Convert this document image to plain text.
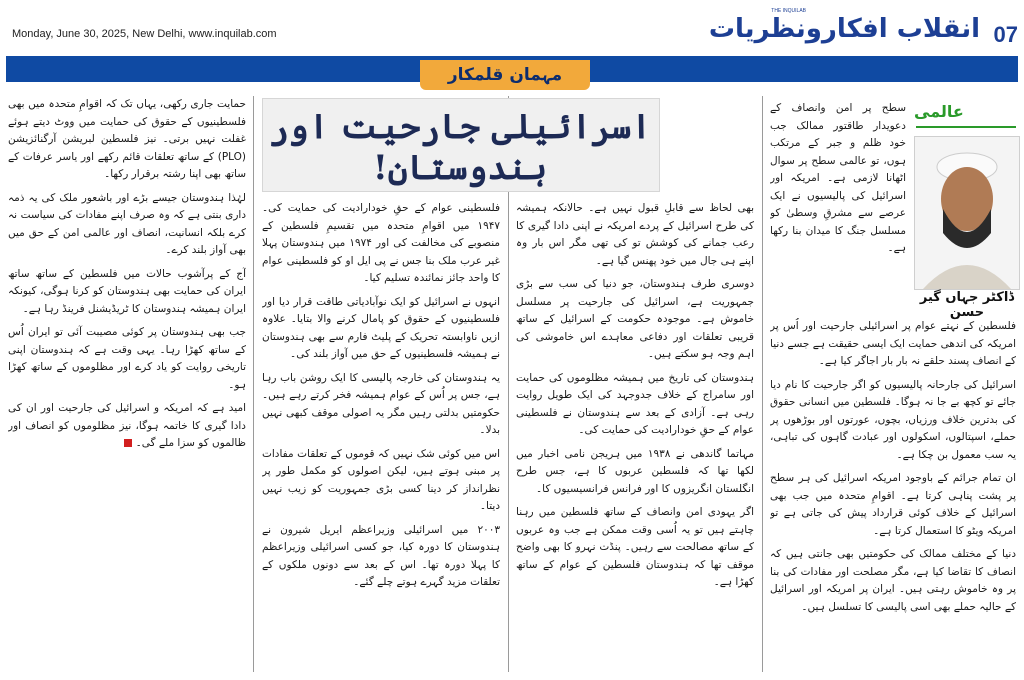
Monday, June 30, 2025, New Delhi, www.inquilab.com
THE INQUILAB
انقلاب افکارونظریات 07
مہمان قلمکار
عالمی
ڈاکٹر جہاں گیر حسن

سطح پر امن وانصاف کے دعویدار طاقتور ممالک جب خود ظلم و جبر کے مرتکب ہوں، تو عالمی سطح پر سوال اٹھانا لازمی ہے۔ امریکہ اور اسرائیل کی پالیسیوں نے ایک عرصے سے مشرقِ وسطیٰ کو مسلسل جنگ کا میدان بنا رکھا ہے۔

فلسطین کے نہتے عوام پر اسرائیلی جارحیت اور اُس پر امریکہ کی اندھی حمایت ایک ایسی حقیقت ہے جسے دنیا کے انصاف پسند حلقے نہ بار بار اجاگر کیا ہے۔

اسرائیل کی جارحانہ پالیسیوں کو اگر جارحیت کا نام دیا جائے تو کچھ بے جا نہ ہوگا۔ فلسطین میں انسانی حقوق کی بدترین خلاف ورزیاں، بچوں، عورتوں اور بوڑھوں پر حملے، اسپتالوں، اسکولوں اور عبادت گاہوں کی تباہی، یہ سب معمول بن چکا ہے۔

ان تمام جرائم کے باوجود امریکہ اسرائیل کی ہر سطح پر پشت پناہی کرتا ہے۔ اقوامِ متحدہ میں جب بھی اسرائیل کے خلاف کوئی قرارداد پیش کی جاتی ہے تو امریکہ ویٹو کا استعمال کرتا ہے۔

دنیا کے مختلف ممالک کی حکومتیں بھی جانتی ہیں کہ انصاف کا تقاضا کیا ہے، مگر مصلحت اور مفادات کی بنا پر وہ خاموش رہتی ہیں۔ ایران پر امریکہ اور اسرائیل کے حالیہ حملے بھی اسی پالیسی کا تسلسل ہیں۔

اسرائیلی جارحیت اور ہندوستان!

بھی لحاظ سے قابلِ قبول نہیں ہے۔ حالانکہ ہمیشہ کی طرح اسرائیل کے پردے امریکہ نے اپنی دادا گیری کا رعب جمانے کی کوشش تو کی تھی مگر اس بار وہ اپنے ہی جال میں خود پھنس گیا ہے۔

دوسری طرف ہندوستان، جو دنیا کی سب سے بڑی جمہوریت ہے، اسرائیل کی جارحیت پر مسلسل خاموش ہے۔ موجودہ حکومت کے اسرائیل کے ساتھ قریبی تعلقات اور دفاعی معاہدے اس خاموشی کی اہم وجہ ہو سکتے ہیں۔

ہندوستان کی تاریخ میں ہمیشہ مظلوموں کی حمایت اور سامراج کے خلاف جدوجہد کی ایک طویل روایت رہی ہے۔ آزادی کے بعد سے ہندوستان نے فلسطینی عوام کے حقِ خودارادیت کی حمایت کی۔

مہاتما گاندھی نے ۱۹۳۸ میں ہریجن نامی اخبار میں لکھا تھا کہ فلسطین عربوں کا ہے، جس طرح انگلستان انگریزوں کا اور فرانس فرانسیسیوں کا۔

اگر یہودی امن وانصاف کے ساتھ فلسطین میں رہنا چاہتے ہیں تو یہ اُسی وقت ممکن ہے جب وہ عربوں کے ساتھ مصالحت سے رہیں۔ پنڈت نہرو کا بھی واضح موقف تھا کہ ہندوستان فلسطین کے عوام کے ساتھ کھڑا ہے۔

فلسطینی عوام کے حقِ خودارادیت کی حمایت کی۔ ۱۹۴۷ میں اقوامِ متحدہ میں تقسیمِ فلسطین کے منصوبے کی مخالفت کی اور ۱۹۷۴ میں ہندوستان پہلا غیر عرب ملک بنا جس نے پی ایل او کو فلسطینی عوام کا واحد جائز نمائندہ تسلیم کیا۔

انہوں نے اسرائیل کو ایک نوآبادیاتی طاقت قرار دیا اور فلسطینیوں کے حقوق کو پامال کرنے والا بتایا۔ علاوہ ازیں ناوابستہ تحریک کے پلیٹ فارم سے بھی ہندوستان نے ہمیشہ فلسطینیوں کے حق میں آواز بلند کی۔

یہ ہندوستان کی خارجہ پالیسی کا ایک روشن باب رہا ہے، جس پر اُس کے عوام ہمیشہ فخر کرتے رہے ہیں۔ حکومتیں بدلتی رہیں مگر یہ اصولی موقف کبھی نہیں بدلا۔

اس میں کوئی شک نہیں کہ قوموں کے تعلقات مفادات پر مبنی ہوتے ہیں، لیکن اصولوں کو مکمل طور پر نظرانداز کر دینا کسی بڑی جمہوریت کو زیب نہیں دیتا۔

۲۰۰۳ میں اسرائیلی وزیراعظم ایریل شیرون نے ہندوستان کا دورہ کیا، جو کسی اسرائیلی وزیراعظم کا پہلا دورہ تھا۔ اس کے بعد سے دونوں ملکوں کے تعلقات مزید گہرے ہوتے چلے گئے۔

حمایت جاری رکھی، یہاں تک کہ اقوامِ متحدہ میں بھی فلسطینیوں کے حقوق کی حمایت میں ووٹ دیتے ہوئے غفلت نہیں برتی۔ نیز فلسطین لبریشن آرگنائزیشن (PLO) کے ساتھ تعلقات قائم رکھے اور یاسر عرفات کے ساتھ بھی اپنا رشتہ برقرار رکھا۔

لہٰذا ہندوستان جیسے بڑے اور باشعور ملک کی یہ ذمہ داری بنتی ہے کہ وہ صرف اپنے مفادات کی سیاست نہ کرے بلکہ انسانیت، انصاف اور عالمی امن کے حق میں بھی آواز بلند کرے۔

آج کے پرآشوب حالات میں فلسطین کے ساتھ ساتھ ایران کی حمایت بھی ہندوستان کو کرنا ہوگی، کیونکہ ایران ہمیشہ ہندوستان کا ٹریڈیشنل فرینڈ رہا ہے۔

جب بھی ہندوستان پر کوئی مصیبت آئی تو ایران اُس کے ساتھ کھڑا رہا۔ یہی وقت ہے کہ ہندوستان اپنی تاریخی روایت کو یاد کرے اور مظلوموں کے ساتھ کھڑا ہو۔

امید ہے کہ امریکہ و اسرائیل کی جارحیت اور ان کی دادا گیری کا خاتمہ ہوگا، نیز مظلوموں کو انصاف اور ظالموں کو سزا ملے گی۔
